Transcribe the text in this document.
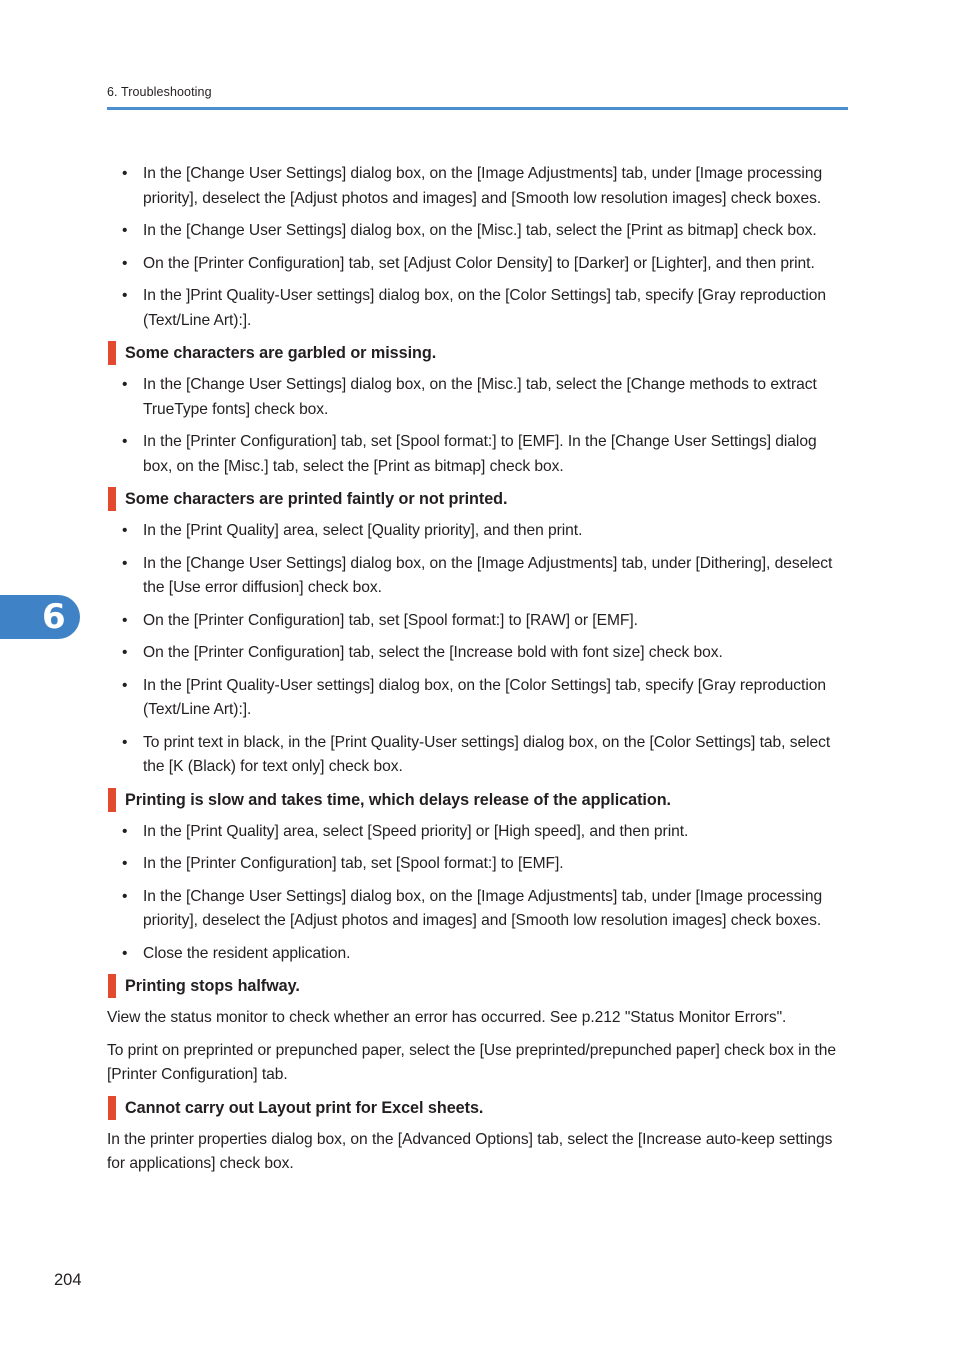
6. Troubleshooting
• In the [Change User Settings] dialog box, on the [Image Adjustments] tab, under [Image processing priority], deselect the [Adjust photos and images] and [Smooth low resolution images] check boxes.
• In the [Change User Settings] dialog box, on the [Misc.] tab, select the [Print as bitmap] check box.
• On the [Printer Configuration] tab, set [Adjust Color Density] to [Darker] or [Lighter], and then print.
• In the ]Print Quality-User settings] dialog box, on the [Color Settings] tab, specify [Gray reproduction (Text/Line Art):].
Some characters are garbled or missing.
• In the [Change User Settings] dialog box, on the [Misc.] tab, select the [Change methods to extract TrueType fonts] check box.
• In the [Printer Configuration] tab, set [Spool format:] to [EMF]. In the [Change User Settings] dialog box, on the [Misc.] tab, select the [Print as bitmap] check box.
Some characters are printed faintly or not printed.
• In the [Print Quality] area, select [Quality priority], and then print.
• In the [Change User Settings] dialog box, on the [Image Adjustments] tab, under [Dithering], deselect the [Use error diffusion] check box.
• On the [Printer Configuration] tab, set [Spool format:] to [RAW] or [EMF].
• On the [Printer Configuration] tab, select the [Increase bold with font size] check box.
• In the [Print Quality-User settings] dialog box, on the [Color Settings] tab, specify [Gray reproduction (Text/Line Art):].
• To print text in black, in the [Print Quality-User settings] dialog box, on the [Color Settings] tab, select the [K (Black) for text only] check box.
Printing is slow and takes time, which delays release of the application.
• In the [Print Quality] area, select [Speed priority] or [High speed], and then print.
• In the [Printer Configuration] tab, set [Spool format:] to [EMF].
• In the [Change User Settings] dialog box, on the [Image Adjustments] tab, under [Image processing priority], deselect the [Adjust photos and images] and [Smooth low resolution images] check boxes.
• Close the resident application.
Printing stops halfway.

View the status monitor to check whether an error has occurred. See p.212 "Status Monitor Errors".

To print on preprinted or prepunched paper, select the [Use preprinted/prepunched paper] check box in the [Printer Configuration] tab.

Cannot carry out Layout print for Excel sheets.

In the printer properties dialog box, on the [Advanced Options] tab, select the [Increase auto-keep settings for applications] check box.

6
204
